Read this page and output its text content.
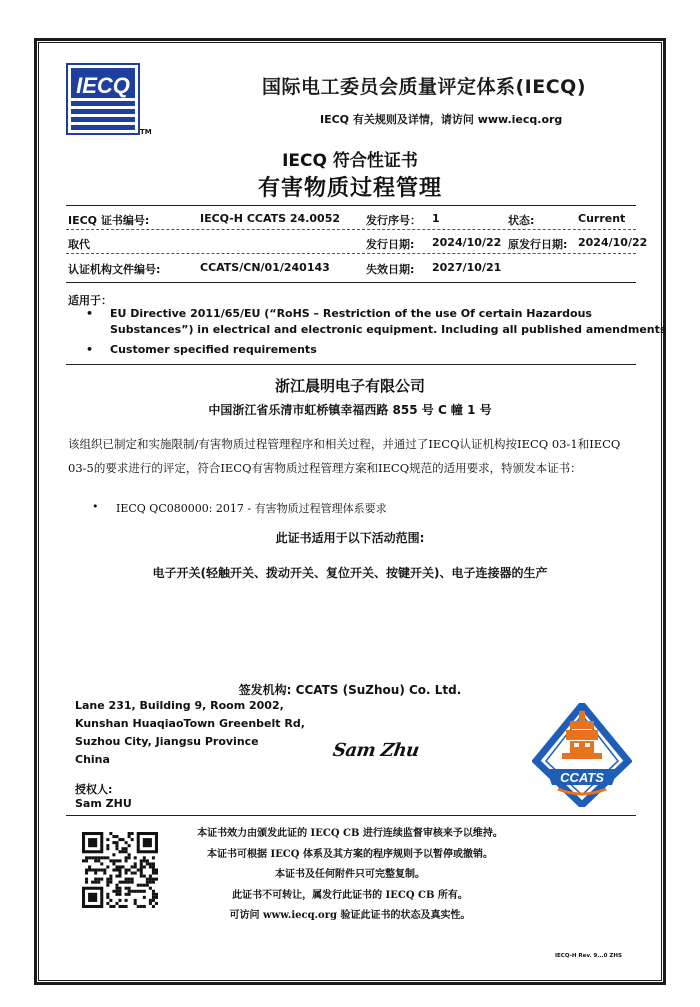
IECQ
TM
国际电工委员会质量评定体系(IECQ)
IECQ 有关规则及详情，请访问 www.iecq.org
IECQ 符合性证书
有害物质过程管理
IECQ 证书编号:	IECQ-H CCATS 24.0052 发行序号： 1	状态:	Current
取代	发行日期: 2024/10/22 原发行日期: 2024/10/22
认证机构文件编号:	CCATS/CN/01/240143	失效日期: 2027/10/21
适用于：
• EU Directive 2011/65/EU (“RoHS – Restriction of the use Of certain Hazardous
Substances”) in electrical and electronic equipment. Including all published amendments
• Customer specified requirements
浙江晨明电子有限公司
中国浙江省乐清市虹桥镇幸福西路 855 号 C 幢 1 号
该组织已制定和实施限制/有害物质过程管理程序和相关过程，并通过了IECQ认证机构按IECQ 03-1和IECQ 03-5的要求进行的评定，符合IECQ有害物质过程管理方案和IECQ规范的适用要求，特颁发本证书：
• IECQ QC080000: 2017 - 有害物质过程管理体系要求
此证书适用于以下活动范围:
电子开关(轻触开关、拨动开关、复位开关、按键开关)、电子连接器的生产
签发机构: CCATS (SuZhou) Co. Ltd.
Lane 231, Building 9, Room 2002,
Kunshan HuaqiaoTown Greenbelt Rd,
Suzhou City, Jiangsu Province
China	Sam Zhu
授权人:
Sam ZHU
CCATS
本证书效力由颁发此证的 IECQ CB 进行连续监督审核来予以维持。
本证书可根据 IECQ 体系及其方案的程序规则予以暂停或撤销。
本证书及任何附件只可完整复制。
此证书不可转让，属发行此证书的 IECQ CB 所有。
可访问 www.iecq.org 验证此证书的状态及真实性。
IECQ-H Rev. 9...0 ZHS
